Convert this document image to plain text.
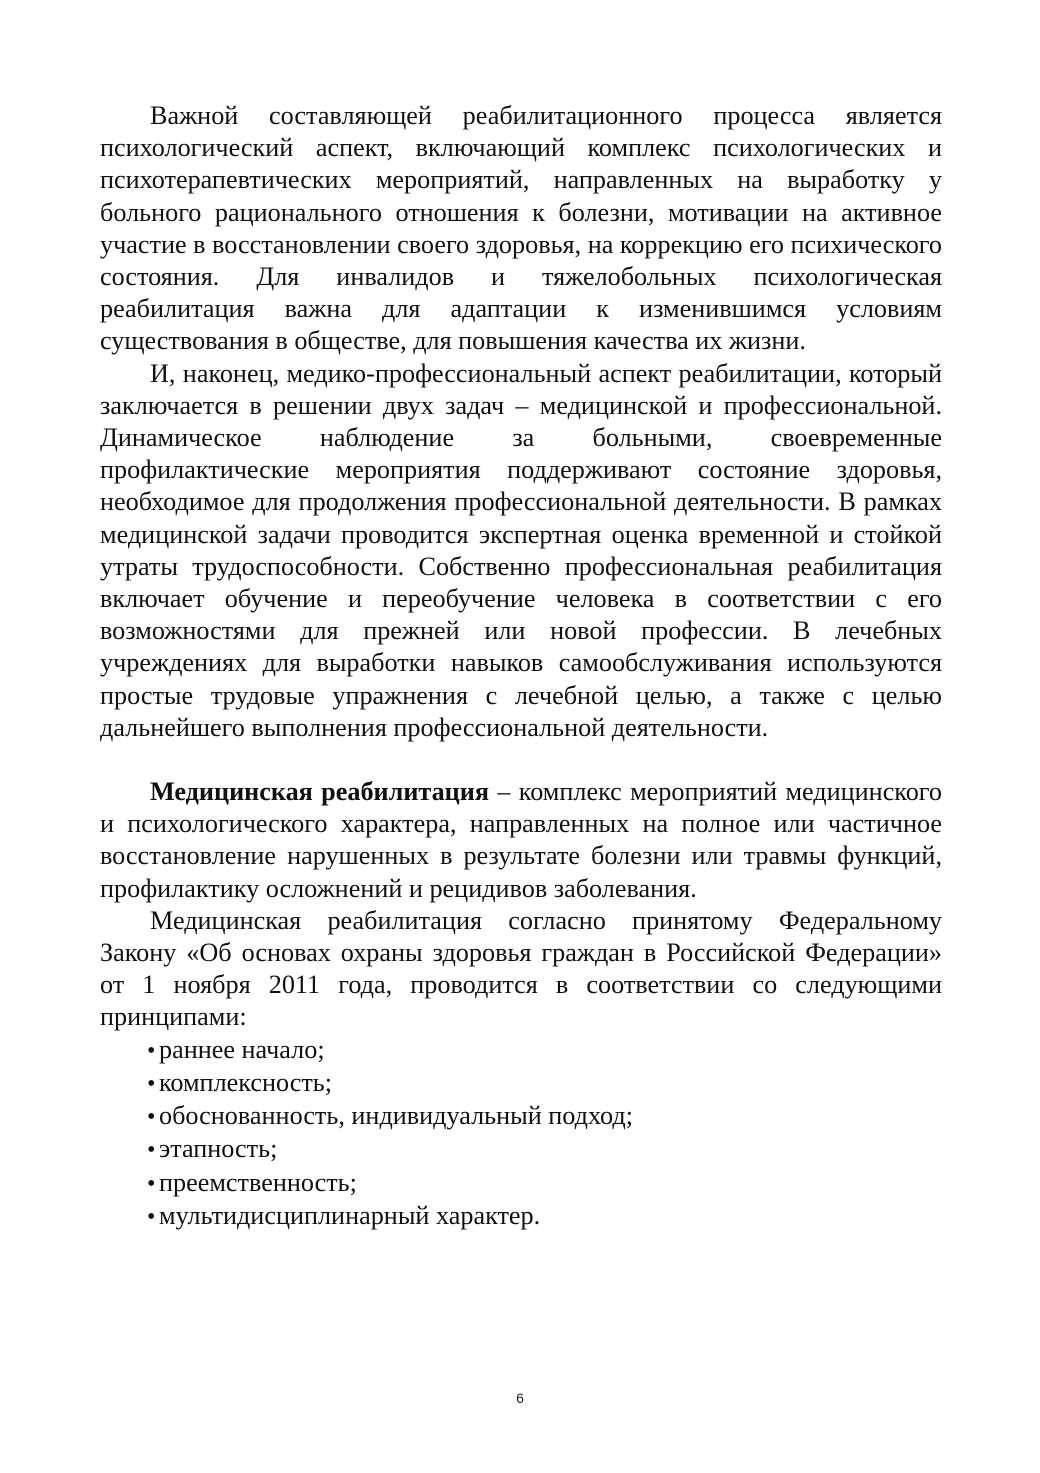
Важной составляющей реабилитационного процесса является психологический аспект, включающий комплекс психологических и психотерапевтических мероприятий, направленных на выработку у больного рационального отношения к болезни, мотивации на активное участие в восстановлении своего здоровья, на коррекцию его психического состояния. Для инвалидов и тяжелобольных психологическая реабилитация важна для адаптации к изменившимся условиям существования в обществе, для повышения качества их жизни.

И, наконец, медико-профессиональный аспект реабилитации, который заключается в решении двух задач – медицинской и профессиональной. Динамическое наблюдение за больными, своевременные профилактические мероприятия поддерживают состояние здоровья, необходимое для продолжения профессиональной деятельности. В рамках медицинской задачи проводится экспертная оценка временной и стойкой утраты трудоспособности. Собственно профессиональная реабилитация включает обучение и переобучение человека в соответствии с его возможностями для прежней или новой профессии. В лечебных учреждениях для выработки навыков самообслуживания используются простые трудовые упражнения с лечебной целью, а также с целью дальнейшего выполнения профессиональной деятельности.

Медицинская реабилитация – комплекс мероприятий медицинского и психологического характера, направленных на полное или частичное восстановление нарушенных в результате болезни или травмы функций, профилактику осложнений и рецидивов заболевания.

Медицинская реабилитация согласно принятому Федеральному Закону «Об основах охраны здоровья граждан в Российской Федерации» от 1 ноября 2011 года, проводится в соответствии со следующими принципами:

• раннее начало;
• комплексность;
• обоснованность, индивидуальный подход;
• этапность;
• преемственность;
• мультидисциплинарный характер.
6
